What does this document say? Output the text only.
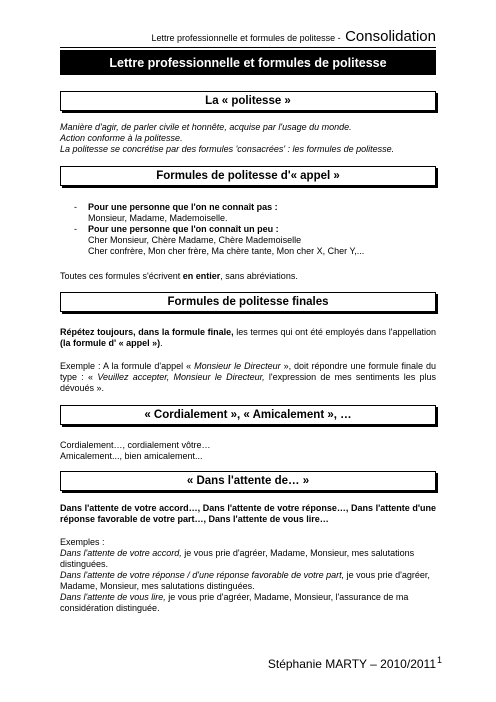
Lettre professionnelle et formules de politesse - Consolidation
Lettre professionnelle et formules de politesse
La « politesse »
Manière d'agir, de parler civile et honnête, acquise par l'usage du monde.
Action conforme à la politesse.
La politesse se concrétise par des formules 'consacrées' : les formules de politesse.
Formules de politesse d'« appel »
- Pour une personne que l'on ne connaît pas :
Monsieur, Madame, Mademoiselle.
- Pour une personne que l'on connaît un peu :
Cher Monsieur, Chère Madame, Chère Mademoiselle
Cher confrère, Mon cher frère, Ma chère tante, Mon cher X, Cher Y,...
Toutes ces formules s'écrivent en entier, sans abréviations.
Formules de politesse finales
Répétez toujours, dans la formule finale, les termes qui ont été employés dans l'appellation (la formule d' « appel »).
Exemple : A la formule d'appel « Monsieur le Directeur », doit répondre une formule finale du type : « Veuillez accepter, Monsieur le Directeur, l'expression de mes sentiments les plus dévoués ».
« Cordialement », « Amicalement », …
Cordialement…, cordialement vôtre…
Amicalement..., bien amicalement...
« Dans l'attente de… »
Dans l'attente de votre accord…, Dans l'attente de votre réponse…, Dans l'attente d'une réponse favorable de votre part…, Dans l'attente de vous lire…
Exemples :
Dans l'attente de votre accord, je vous prie d'agréer, Madame, Monsieur, mes salutations distinguées.
Dans l'attente de votre réponse / d'une réponse favorable de votre part, je vous prie d'agréer, Madame, Monsieur, mes salutations distinguées.
Dans l'attente de vous lire, je vous prie d'agréer, Madame, Monsieur, l'assurance de ma considération distinguée.
Stéphanie MARTY – 2010/2011 1
